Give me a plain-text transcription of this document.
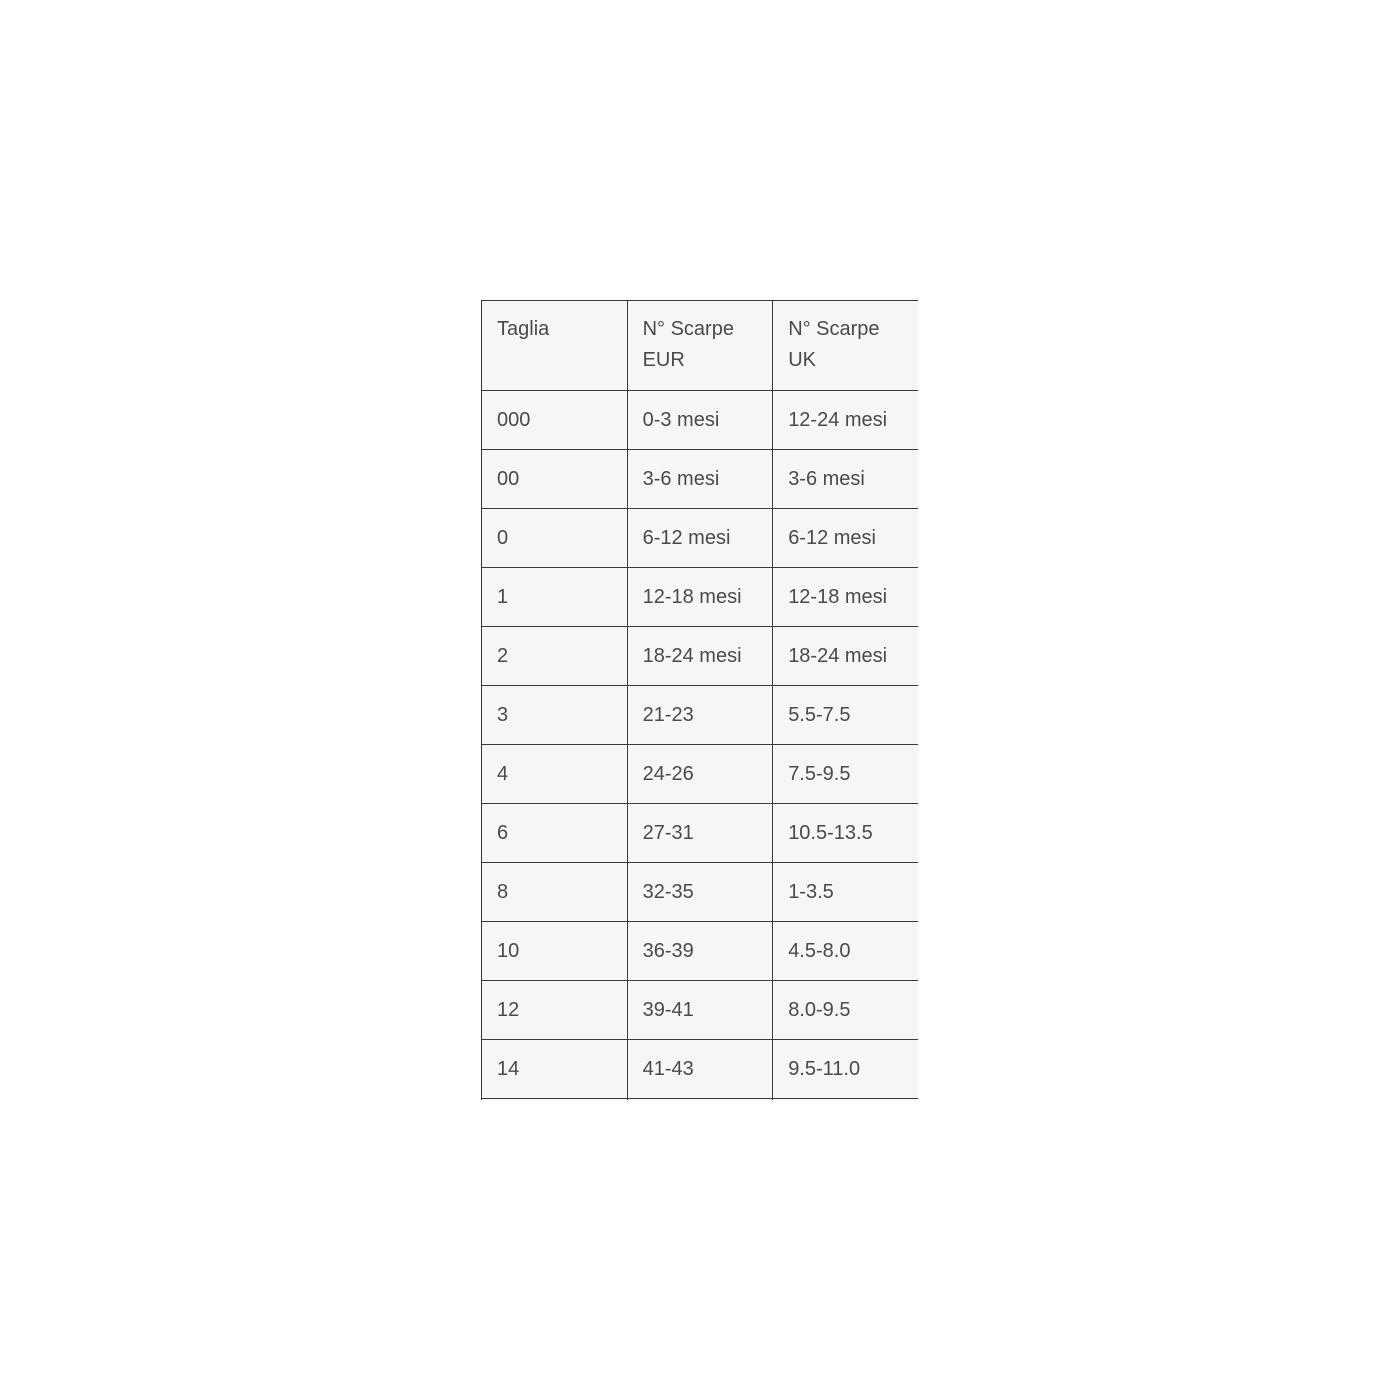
Taglia	N° Scarpe EUR	N° Scarpe UK
000	0-3 mesi	12-24 mesi
00	3-6 mesi	3-6 mesi
0	6-12 mesi	6-12 mesi
1	12-18 mesi	12-18 mesi
2	18-24 mesi	18-24 mesi
3	21-23	5.5-7.5
4	24-26	7.5-9.5
6	27-31	10.5-13.5
8	32-35	1-3.5
10	36-39	4.5-8.0
12	39-41	8.0-9.5
14	41-43	9.5-11.0
